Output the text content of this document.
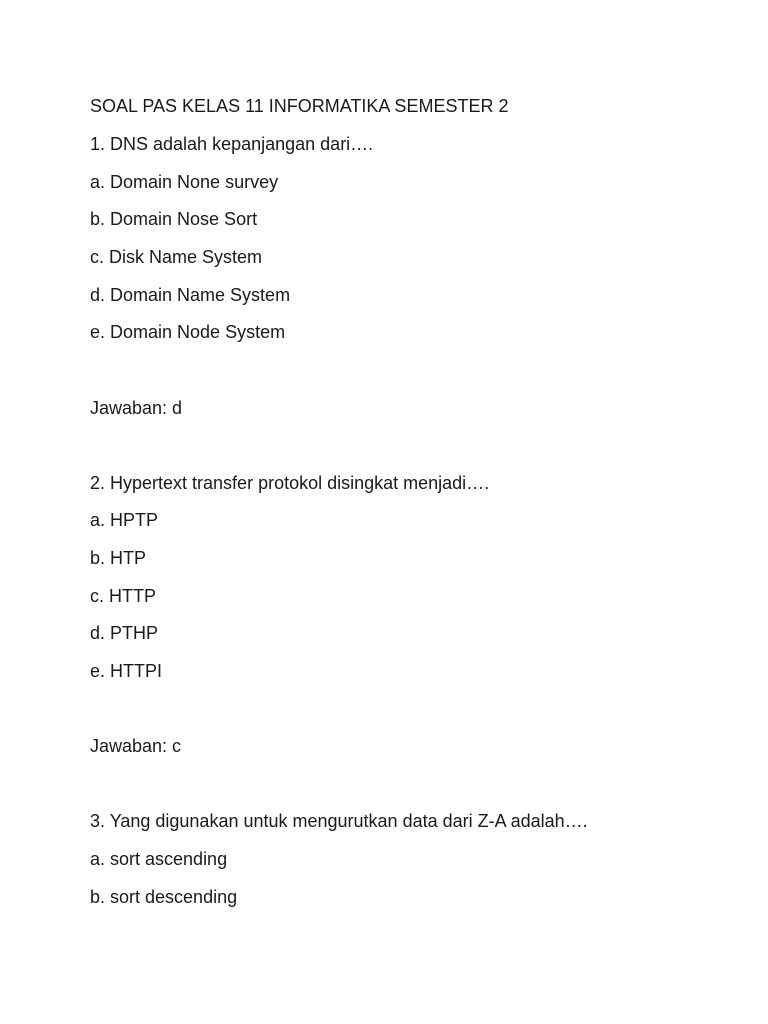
SOAL PAS KELAS 11 INFORMATIKA SEMESTER 2

1. DNS adalah kepanjangan dari….

a. Domain None survey

b. Domain Nose Sort

c. Disk Name System

d. Domain Name System

e. Domain Node System

Jawaban: d

2. Hypertext transfer protokol disingkat menjadi….

a. HPTP

b. HTP

c. HTTP

d. PTHP

e. HTTPI

Jawaban: c

3. Yang digunakan untuk mengurutkan data dari Z-A adalah….

a. sort ascending

b. sort descending
